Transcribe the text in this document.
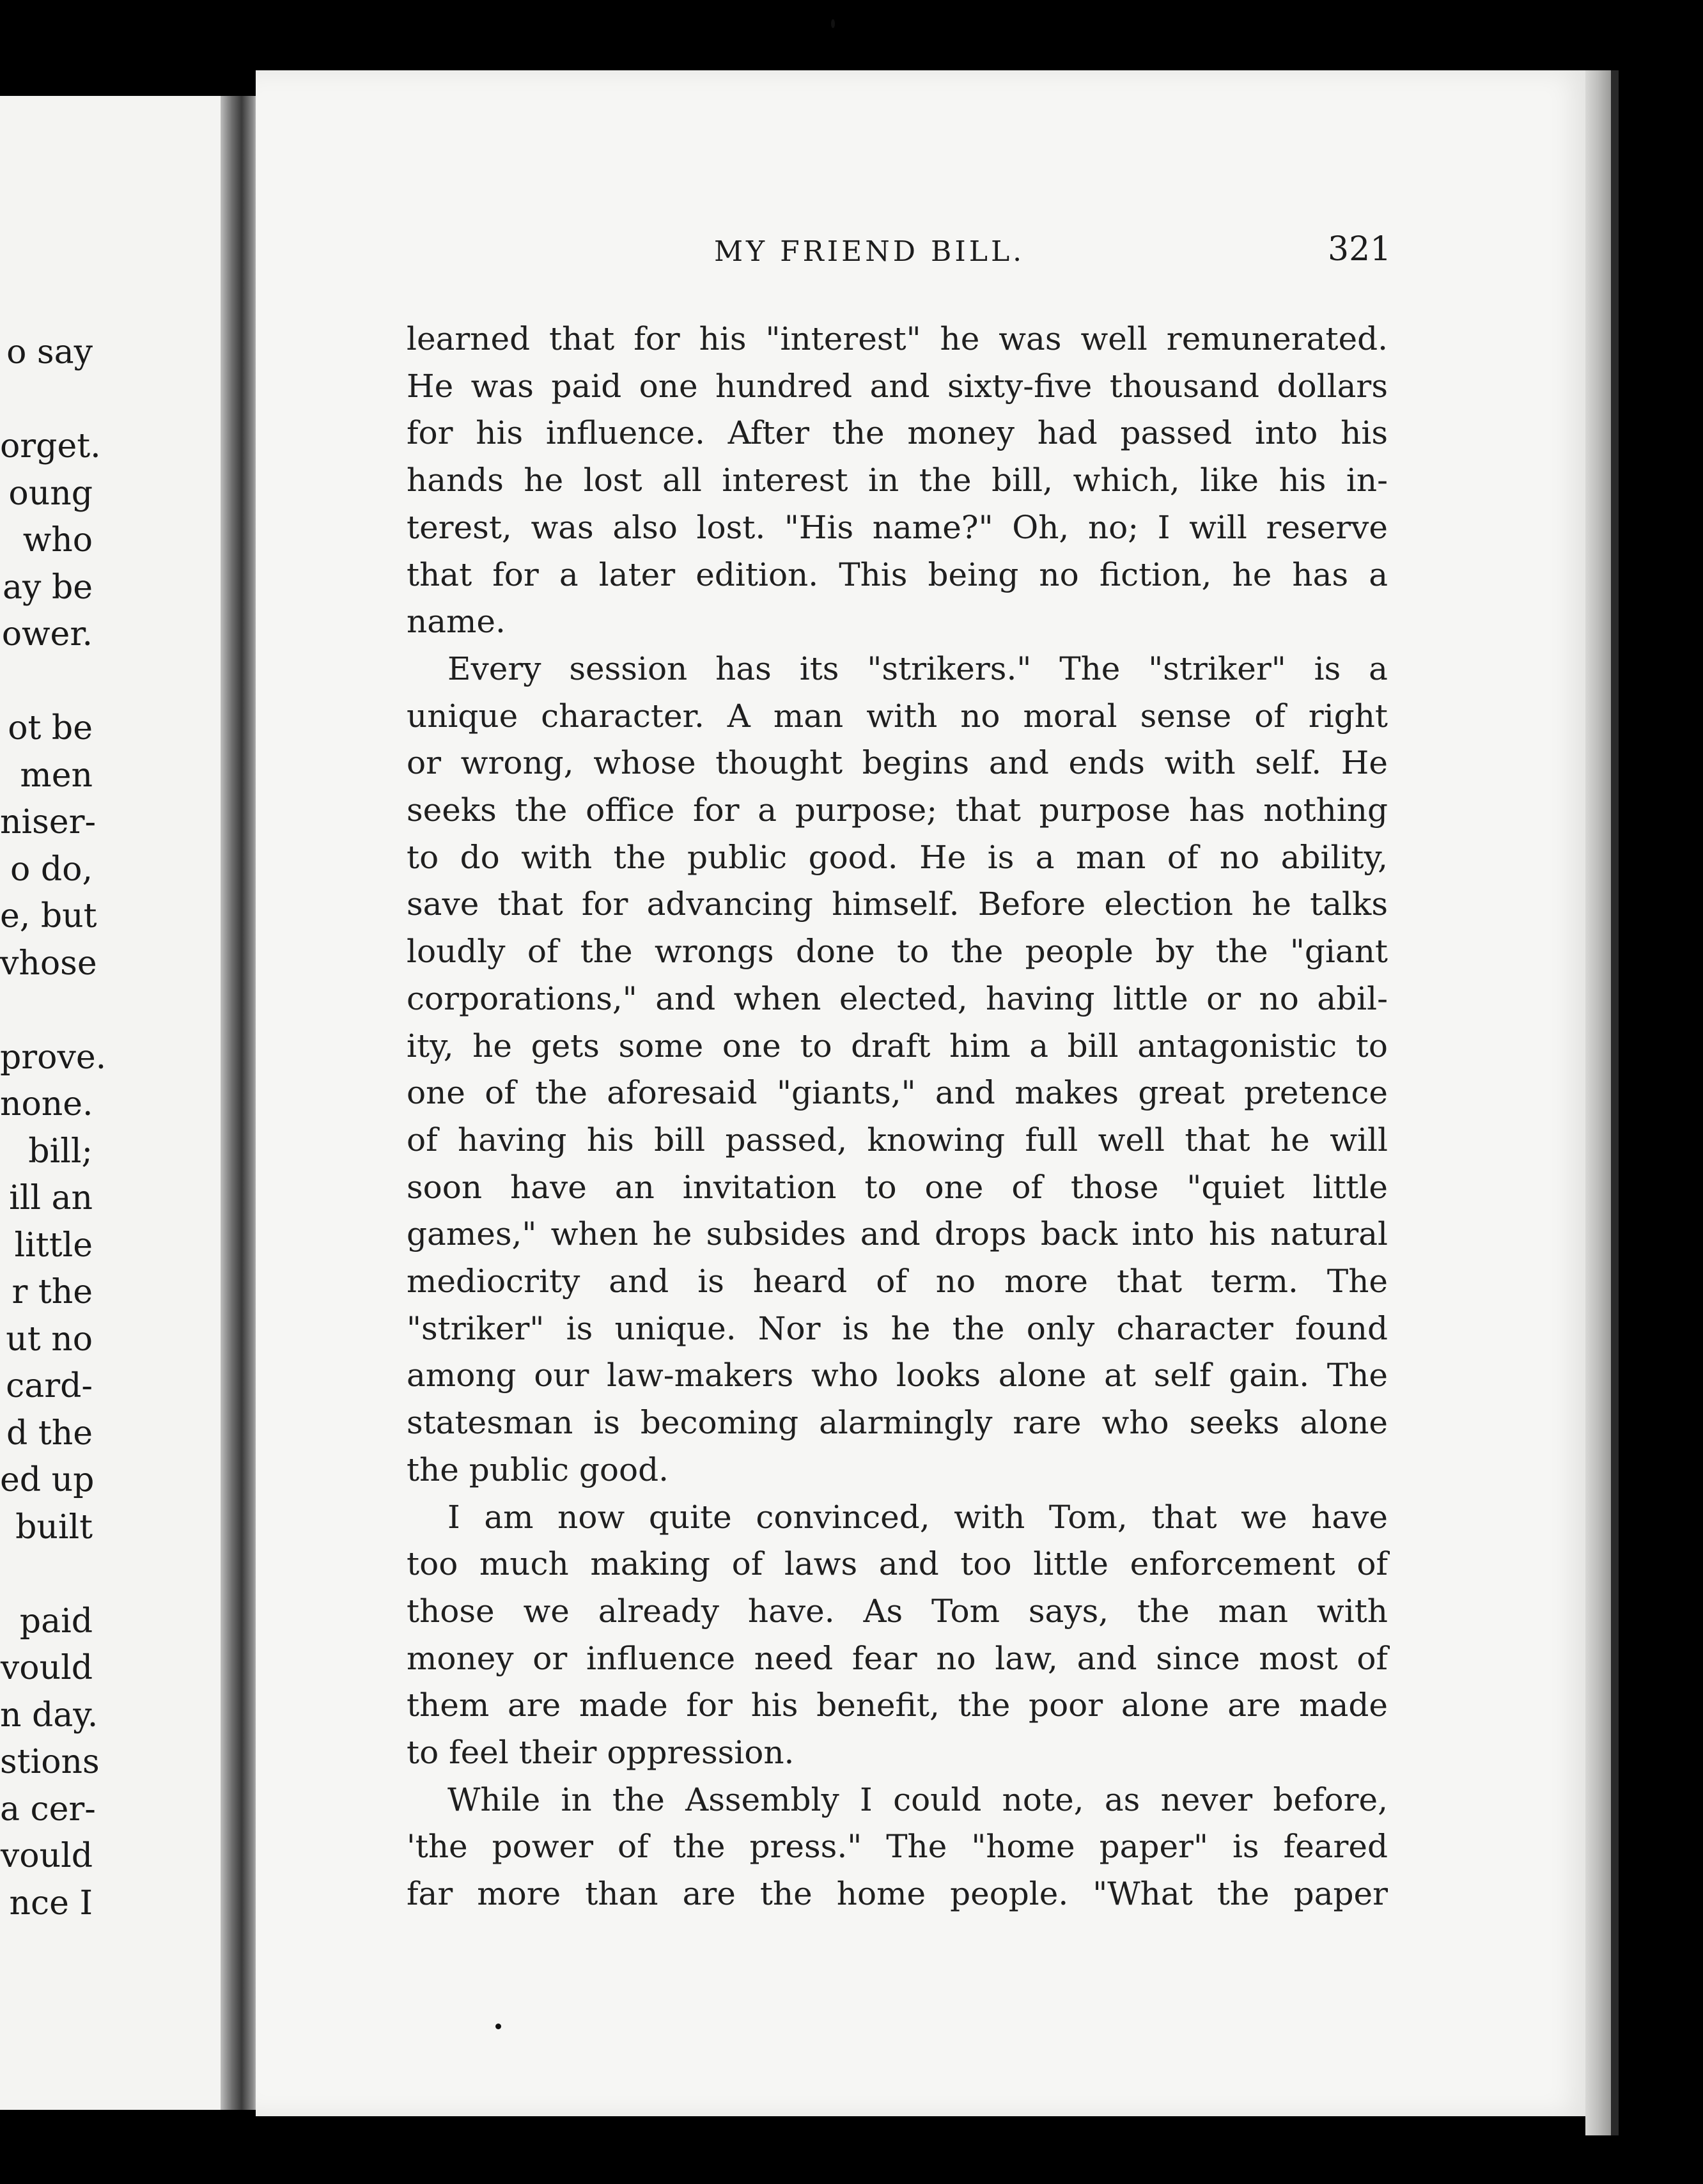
MY FRIEND BILL.	321
learned that for his "interest" he was well remunerated.
He was paid one hundred and sixty-five thousand dollars
for his influence. After the money had passed into his
hands he lost all interest in the bill, which, like his in-
terest, was also lost. "His name?" Oh, no; I will reserve
that for a later edition. This being no fiction, he has a
name.
Every session has its "strikers." The "striker" is a
unique character. A man with no moral sense of right
or wrong, whose thought begins and ends with self. He
seeks the office for a purpose; that purpose has nothing
to do with the public good. He is a man of no ability,
save that for advancing himself. Before election he talks
loudly of the wrongs done to the people by the "giant
corporations," and when elected, having little or no abil-
ity, he gets some one to draft him a bill antagonistic to
one of the aforesaid "giants," and makes great pretence
of having his bill passed, knowing full well that he will
soon have an invitation to one of those "quiet little
games," when he subsides and drops back into his natural
mediocrity and is heard of no more that term. The
"striker" is unique. Nor is he the only character found
among our law-makers who looks alone at self gain. The
statesman is becoming alarmingly rare who seeks alone
the public good.
I am now quite convinced, with Tom, that we have
too much making of laws and too little enforcement of
those we already have. As Tom says, the man with
money or influence need fear no law, and since most of
them are made for his benefit, the poor alone are made
to feel their oppression.
While in the Assembly I could note, as never before,
'the power of the press." The "home paper" is feared
far more than are the home people. "What the paper
o say
orget.
oung
who
ay be
ower.
ot be
men
niser-
o do,
e, but
vhose
prove.
none.
bill;
ill an
little
r the
ut no
card-
d the
ed up
built
paid
vould
n day.
stions
a cer-
vould
nce I
